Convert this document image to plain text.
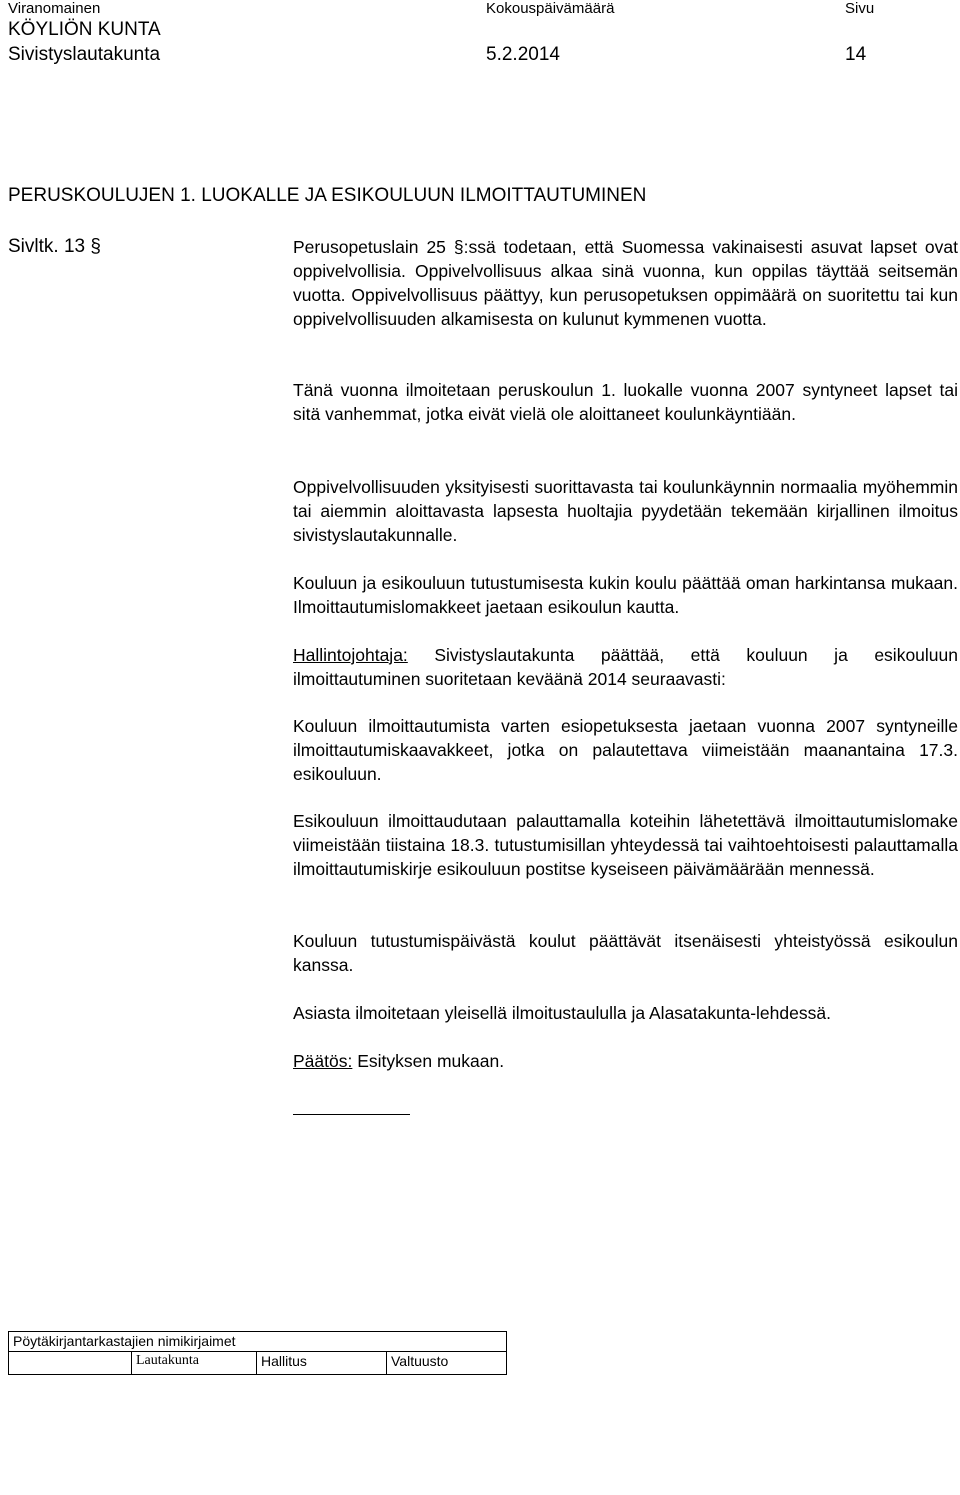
Viranomainen	Kokouspäivämäärä	Sivu
KÖYLIÖN KUNTA
Sivistyslautakunta	5.2.2014	14
PERUSKOULUJEN 1. LUOKALLE JA ESIKOULUUN ILMOITTAUTUMINEN
Sivltk. 13 §	Perusopetuslain 25 §:ssä todetaan, että Suomessa vakinaisesti asuvat lapset ovat oppivelvollisia. Oppivelvollisuus alkaa sinä vuonna, kun oppilas täyttää seitsemän vuotta. Oppivelvollisuus päättyy, kun perusopetuksen oppimäärä on suoritettu tai kun oppivelvollisuuden alkamisesta on kulunut kymmenen vuotta.

Tänä vuonna ilmoitetaan peruskoulun 1. luokalle vuonna 2007 syntyneet lapset tai sitä vanhemmat, jotka eivät vielä ole aloittaneet koulunkäyntiään.

Oppivelvollisuuden yksityisesti suorittavasta tai koulunkäynnin normaalia myöhemmin tai aiemmin aloittavasta lapsesta huoltajia pyydetään tekemään kirjallinen ilmoitus sivistyslautakunnalle.

Kouluun ja esikouluun tutustumisesta kukin koulu päättää oman harkintansa mukaan. Ilmoittautumislomakkeet jaetaan esikoulun kautta.

Hallintojohtaja: Sivistyslautakunta päättää, että kouluun ja esikouluun ilmoittautuminen suoritetaan keväänä 2014 seuraavasti:

Kouluun ilmoittautumista varten esiopetuksesta jaetaan vuonna 2007 syntyneille ilmoittautumiskaavakkeet, jotka on palautettava viimeistään maanantaina 17.3. esikouluun.

Esikouluun ilmoittaudutaan palauttamalla koteihin lähetettävä ilmoittautumislomake viimeistään tiistaina 18.3. tutustumisillan yhteydessä tai vaihtoehtoisesti palauttamalla ilmoittautumiskirje esikouluun postitse kyseiseen päivämäärään mennessä.

Kouluun tutustumispäivästä koulut päättävät itsenäisesti yhteistyössä esikoulun kanssa.

Asiasta ilmoitetaan yleisellä ilmoitustaululla ja Alasatakunta-lehdessä.

Päätös: Esityksen mukaan.

Pöytäkirjantarkastajien nimikirjaimet
	Lautakunta	Hallitus	Valtuusto
